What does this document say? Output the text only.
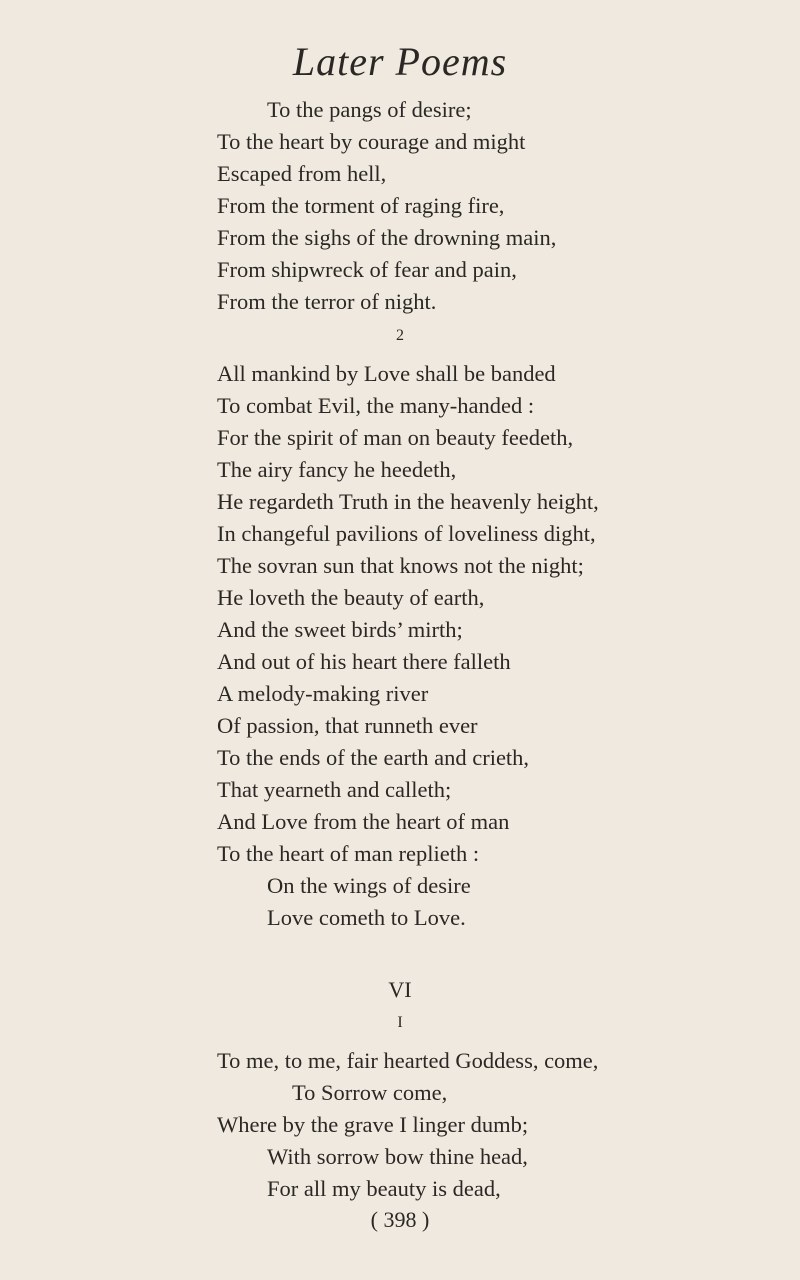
Later Poems
To the pangs of desire;
To the heart by courage and might
Escaped from hell,
From the torment of raging fire,
From the sighs of the drowning main,
From shipwreck of fear and pain,
From the terror of night.
2
All mankind by Love shall be banded
To combat Evil, the many-handed :
For the spirit of man on beauty feedeth,
The airy fancy he heedeth,
He regardeth Truth in the heavenly height,
In changeful pavilions of loveliness dight,
The sovran sun that knows not the night;
He loveth the beauty of earth,
And the sweet birds’ mirth;
And out of his heart there falleth
A melody-making river
Of passion, that runneth ever
To the ends of the earth and crieth,
That yearneth and calleth;
And Love from the heart of man
To the heart of man replieth :
On the wings of desire
Love cometh to Love.
VI
I
To me, to me, fair hearted Goddess, come,
To Sorrow come,
Where by the grave I linger dumb;
With sorrow bow thine head,
For all my beauty is dead,
( 398 )
